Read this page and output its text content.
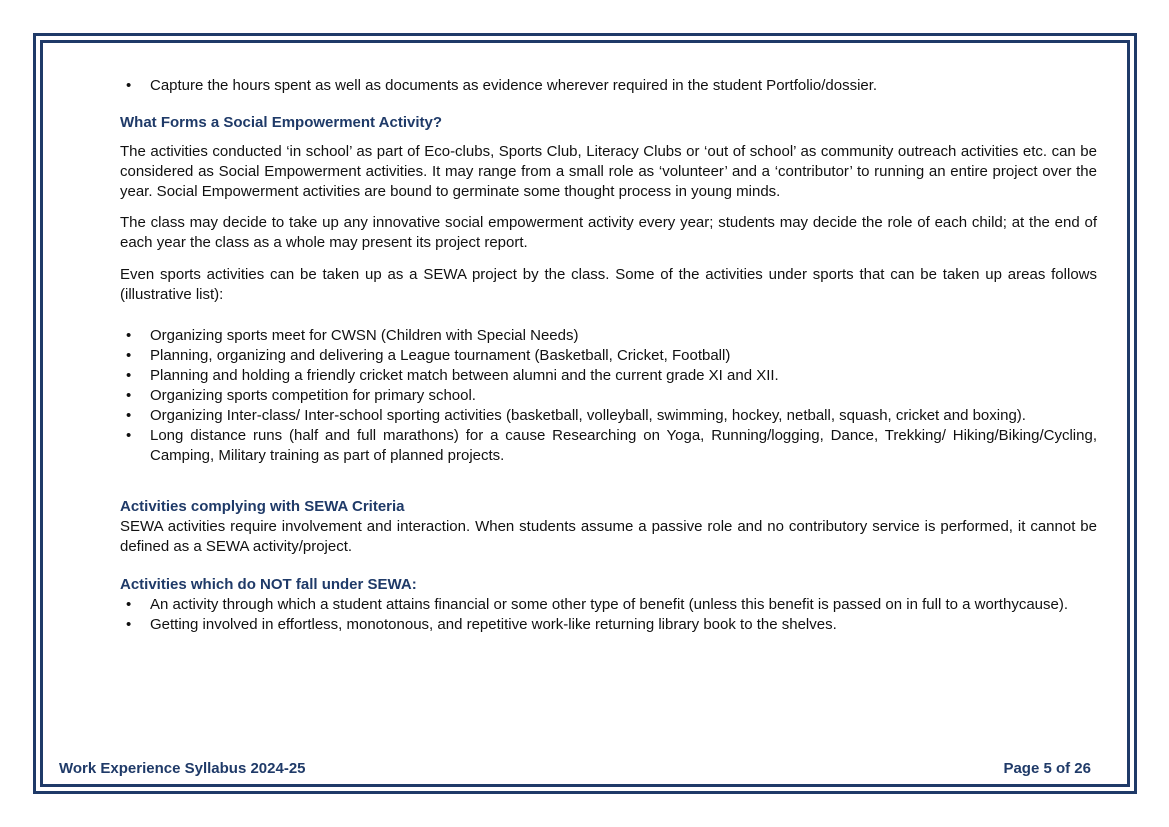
• Capture the hours spent as well as documents as evidence wherever required in the student Portfolio/dossier.

What Forms a Social Empowerment Activity?

The activities conducted ‘in school’ as part of Eco-clubs, Sports Club, Literacy Clubs or ‘out of school’ as community outreach activities etc. can be considered as Social Empowerment activities. It may range from a small role as ‘volunteer’ and a ‘contributor’ to running an entire project over the year. Social Empowerment activities are bound to germinate some thought process in young minds.

The class may decide to take up any innovative social empowerment activity every year; students may decide the role of each child; at the end of each year the class as a whole may present its project report.

Even sports activities can be taken up as a SEWA project by the class. Some of the activities under sports that can be taken up areas follows (illustrative list):

• Organizing sports meet for CWSN (Children with Special Needs)
• Planning, organizing and delivering a League tournament (Basketball, Cricket, Football)
• Planning and holding a friendly cricket match between alumni and the current grade XI and XII.
• Organizing sports competition for primary school.
• Organizing Inter-class/ Inter-school sporting activities (basketball, volleyball, swimming, hockey, netball, squash, cricket and boxing).
• Long distance runs (half and full marathons) for a cause Researching on Yoga, Running/logging, Dance, Trekking/ Hiking/Biking/Cycling, Camping, Military training as part of planned projects.

Activities complying with SEWA Criteria

SEWA activities require involvement and interaction. When students assume a passive role and no contributory service is performed, it cannot be defined as a SEWA activity/project.

Activities which do NOT fall under SEWA:

• An activity through which a student attains financial or some other type of benefit (unless this benefit is passed on in full to a worthycause).
• Getting involved in effortless, monotonous, and repetitive work-like returning library book to the shelves.
Work Experience Syllabus 2024-25	Page 5 of 26
